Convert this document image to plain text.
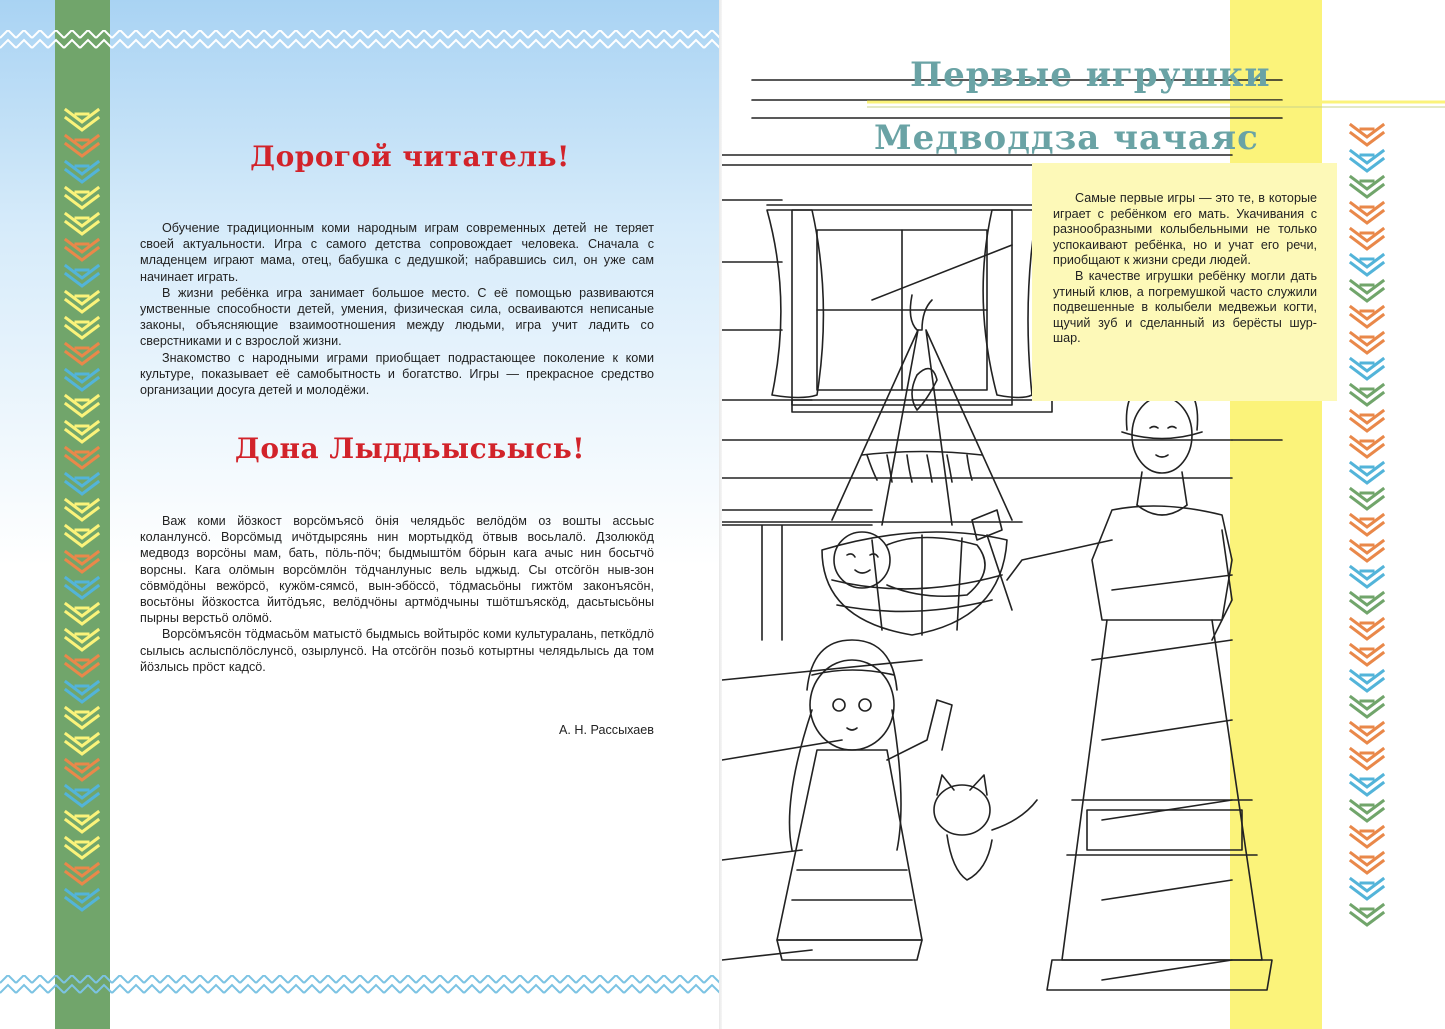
Дорогой читатель!

Обучение традиционным коми народным играм современных детей не теряет своей актуальности. Игра с самого детства сопровождает человека. Сначала с младенцем играют мама, отец, бабушка с дедушкой; набравшись сил, он уже сам начинает играть.

В жизни ребёнка игра занимает большое место. С её помощью развиваются умственные способности детей, умения, физическая сила, осваиваются неписаные законы, объясняющие взаимоотношения между людьми, игра учит ладить со сверстниками и с взрослой жизни.

Знакомство с народными играми приобщает подрастающее поколение к коми культуре, показывает её самобытность и богатство. Игры — прекрасное средство организации досуга детей и молодёжи.

Дона Лыддьысьысь!

Важ коми йӧзкост ворсӧмъясӧ ӧнія челядьӧс велӧдӧм оз вошты ассьыс коланлунсӧ. Ворсӧмыд ичӧтдырсянь нин мортыдкӧд ӧтвыв восьлалӧ. Дзолюкӧд медводз ворсӧны мам, бать, пӧль-пӧч; быдмыштӧм бӧрын кага ачыс нин босьтчӧ ворсны. Кага олӧмын ворсӧмлӧн тӧдчанлуныс вель ыджыд. Сы отсӧгӧн ныв-зон сӧвмӧдӧны вежӧрсӧ, кужӧм-сямсӧ, вын-эбӧссӧ, тӧдмасьӧны гижтӧм законъясӧн, восьтӧны йӧзкостса йитӧдъяс, велӧдчӧны артмӧдчыны тшӧтшъяскӧд, дасьтысьӧны пырны верстьӧ олӧмӧ.

Ворсӧмъясӧн тӧдмасьӧм матыстӧ быдмысь войтырӧс коми культуралань, петкӧдлӧ сылысь аслыспӧлӧслунсӧ, озырлунсӧ. На отсӧгӧн позьӧ котыртны челядьлысь да том йӧзлысь прӧст кадсӧ.

А. Н. Рассыхаев

Первые игрушки
Медводдза чачаяс

Самые первые игры — это те, в которые играет с ребёнком его мать. Укачивания с разнообразными колыбельными не только успокаивают ребёнка, но и учат его речи, приобщают к жизни среди людей.

В качестве игрушки ребёнку могли дать утиный клюв, а погремушкой часто служили подвешенные в колыбели медвежьи когти, щучий зуб и сделанный из берёсты шур-шар.
